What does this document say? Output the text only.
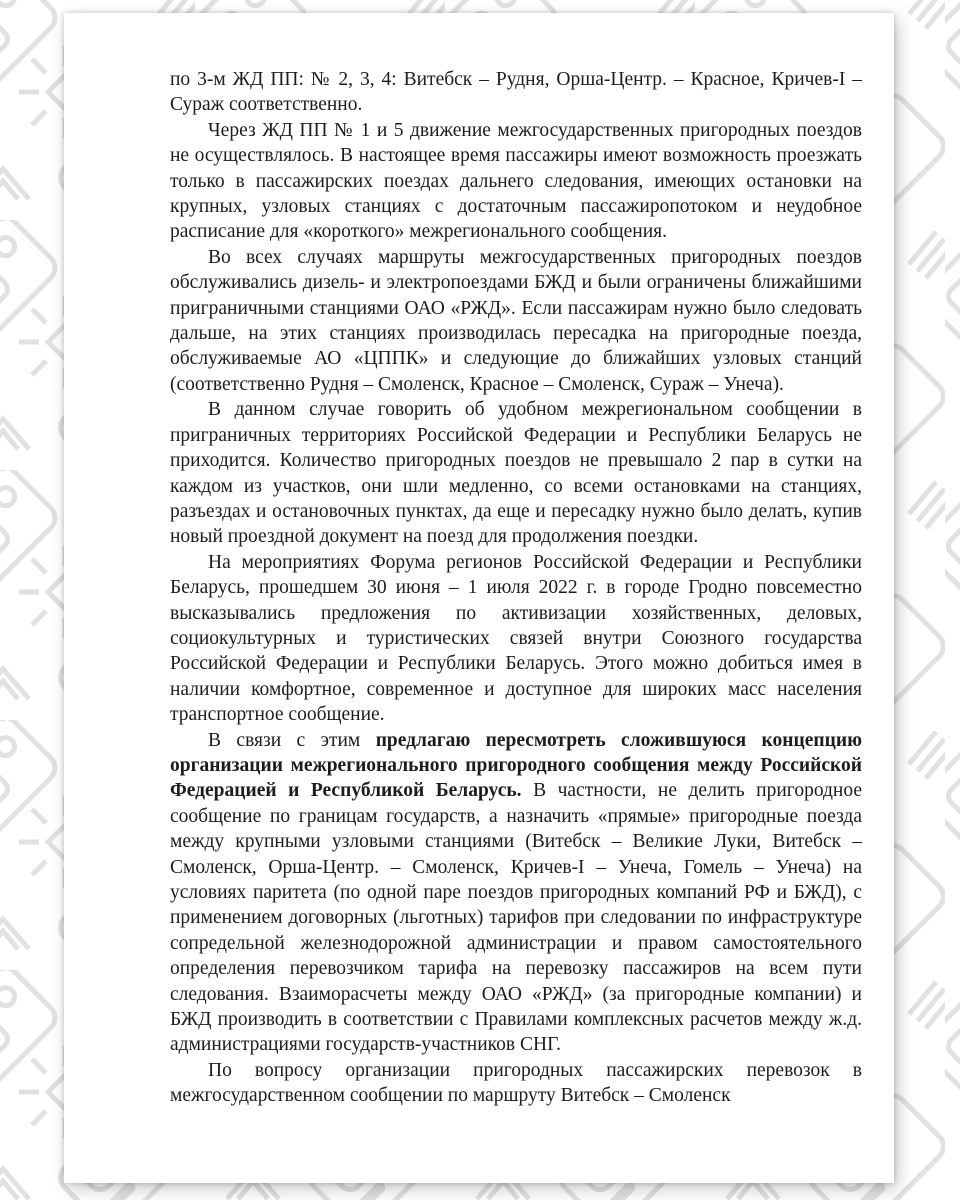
по 3-м ЖД ПП: № 2, 3, 4: Витебск – Рудня, Орша-Центр. – Красное, Кричев-I – Сураж соответственно.

Через ЖД ПП № 1 и 5 движение межгосударственных пригородных поездов не осуществлялось. В настоящее время пассажиры имеют возможность проезжать только в пассажирских поездах дальнего следования, имеющих остановки на крупных, узловых станциях с достаточным пассажиропотоком и неудобное расписание для «короткого» межрегионального сообщения.

Во всех случаях маршруты межгосударственных пригородных поездов обслуживались дизель- и электропоездами БЖД и были ограничены ближайшими приграничными станциями ОАО «РЖД». Если пассажирам нужно было следовать дальше, на этих станциях производилась пересадка на пригородные поезда, обслуживаемые АО «ЦППК» и следующие до ближайших узловых станций (соответственно Рудня – Смоленск, Красное – Смоленск, Сураж – Унеча).

В данном случае говорить об удобном межрегиональном сообщении в приграничных территориях Российской Федерации и Республики Беларусь не приходится. Количество пригородных поездов не превышало 2 пар в сутки на каждом из участков, они шли медленно, со всеми остановками на станциях, разъездах и остановочных пунктах, да еще и пересадку нужно было делать, купив новый проездной документ на поезд для продолжения поездки.

На мероприятиях Форума регионов Российской Федерации и Республики Беларусь, прошедшем 30 июня – 1 июля 2022 г. в городе Гродно повсеместно высказывались предложения по активизации хозяйственных, деловых, социокультурных и туристических связей внутри Союзного государства Российской Федерации и Республики Беларусь. Этого можно добиться имея в наличии комфортное, современное и доступное для широких масс населения транспортное сообщение.

В связи с этим предлагаю пересмотреть сложившуюся концепцию организации межрегионального пригородного сообщения между Российской Федерацией и Республикой Беларусь. В частности, не делить пригородное сообщение по границам государств, а назначить «прямые» пригородные поезда между крупными узловыми станциями (Витебск – Великие Луки, Витебск – Смоленск, Орша-Центр. – Смоленск, Кричев-I – Унеча, Гомель – Унеча) на условиях паритета (по одной паре поездов пригородных компаний РФ и БЖД), с применением договорных (льготных) тарифов при следовании по инфраструктуре сопредельной железнодорожной администрации и правом самостоятельного определения перевозчиком тарифа на перевозку пассажиров на всем пути следования. Взаиморасчеты между ОАО «РЖД» (за пригородные компании) и БЖД производить в соответствии с Правилами комплексных расчетов между ж.д. администрациями государств-участников СНГ.

По вопросу организации пригородных пассажирских перевозок в межгосударственном сообщении по маршруту Витебск – Смоленск
